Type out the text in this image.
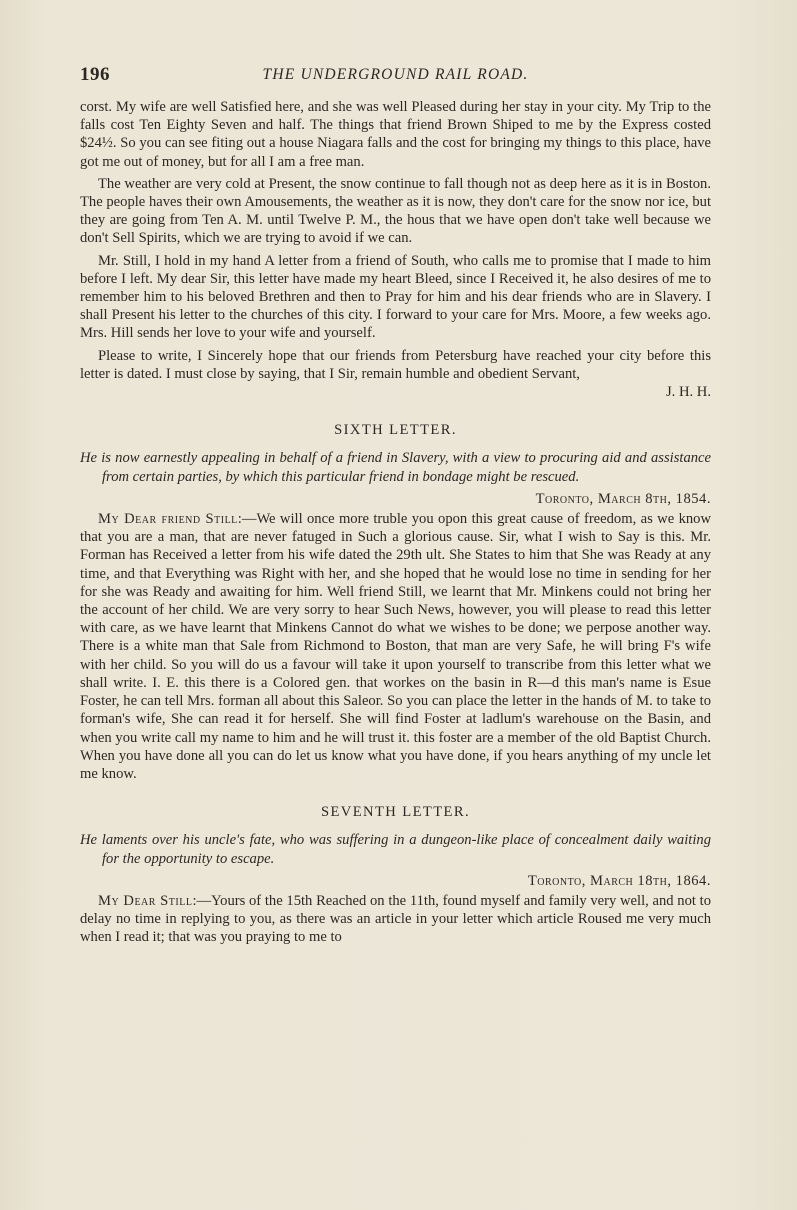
196	THE UNDERGROUND RAIL ROAD.

corst. My wife are well Satisfied here, and she was well Pleased during her stay in your city. My Trip to the falls cost Ten Eighty Seven and half. The things that friend Brown Shiped to me by the Express costed $24½. So you can see fiting out a house Niagara falls and the cost for bringing my things to this place, have got me out of money, but for all I am a free man.

The weather are very cold at Present, the snow continue to fall though not as deep here as it is in Boston. The people haves their own Amousements, the weather as it is now, they don't care for the snow nor ice, but they are going from Ten A. M. until Twelve P. M., the hous that we have open don't take well because we don't Sell Spirits, which we are trying to avoid if we can.

Mr. Still, I hold in my hand A letter from a friend of South, who calls me to promise that I made to him before I left. My dear Sir, this letter have made my heart Bleed, since I Received it, he also desires of me to remember him to his beloved Brethren and then to Pray for him and his dear friends who are in Slavery. I shall Present his letter to the churches of this city. I forward to your care for Mrs. Moore, a few weeks ago. Mrs. Hill sends her love to your wife and yourself.

Please to write, I Sincerely hope that our friends from Petersburg have reached your city before this letter is dated. I must close by saying, that I Sir, remain humble and obedient Servant,

J. H. H.
SIXTH LETTER.

He is now earnestly appealing in behalf of a friend in Slavery, with a view to procuring aid and assistance from certain parties, by which this particular friend in bondage might be rescued.

Toronto, March 8th, 1854.

My Dear friend Still:—We will once more truble you opon this great cause of freedom, as we know that you are a man, that are never fatuged in Such a glorious cause. Sir, what I wish to Say is this. Mr. Forman has Received a letter from his wife dated the 29th ult. She States to him that She was Ready at any time, and that Everything was Right with her, and she hoped that he would lose no time in sending for her for she was Ready and awaiting for him. Well friend Still, we learnt that Mr. Minkens could not bring her the account of her child. We are very sorry to hear Such News, however, you will please to read this letter with care, as we have learnt that Minkens Cannot do what we wishes to be done; we perpose another way. There is a white man that Sale from Richmond to Boston, that man are very Safe, he will bring F's wife with her child. So you will do us a favour will take it upon yourself to transcribe from this letter what we shall write. I. E. this there is a Colored gen. that workes on the basin in R—d this man's name is Esue Foster, he can tell Mrs. forman all about this Saleor. So you can place the letter in the hands of M. to take to forman's wife, She can read it for herself. She will find Foster at ladlum's warehouse on the Basin, and when you write call my name to him and he will trust it. this foster are a member of the old Baptist Church. When you have done all you can do let us know what you have done, if you hears anything of my uncle let me know.

SEVENTH LETTER.

He laments over his uncle's fate, who was suffering in a dungeon-like place of concealment daily waiting for the opportunity to escape.

Toronto, March 18th, 1864.

My Dear Still:—Yours of the 15th Reached on the 11th, found myself and family very well, and not to delay no time in replying to you, as there was an article in your letter which article Roused me very much when I read it; that was you praying to me to
